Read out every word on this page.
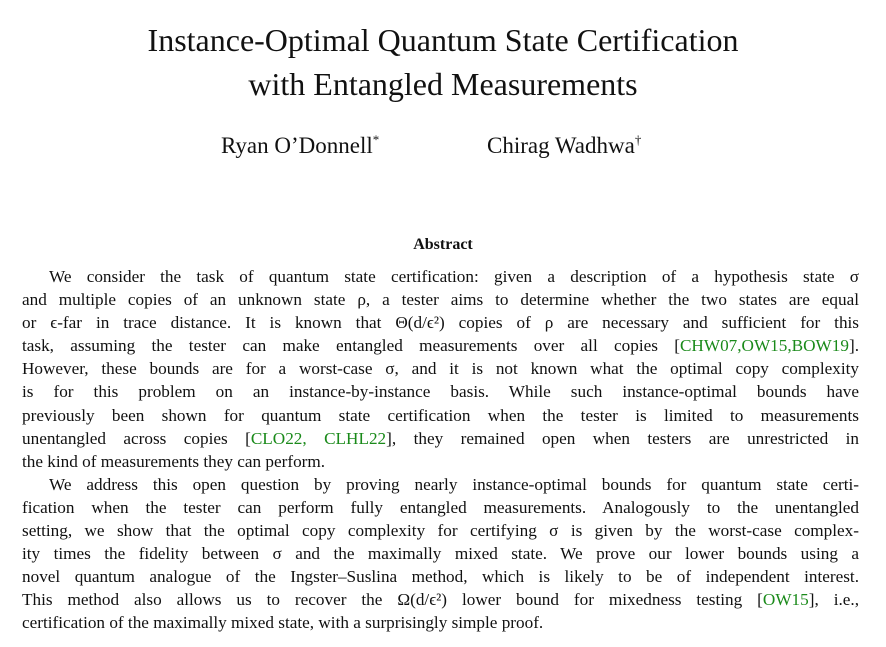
Instance-Optimal Quantum State Certification
with Entangled Measurements
Ryan O’Donnell*	Chirag Wadhwa†
Abstract
We consider the task of quantum state certification: given a description of a hypothesis state σ
and multiple copies of an unknown state ρ, a tester aims to determine whether the two states are equal
or ϵ-far in trace distance. It is known that Θ(d/ϵ²) copies of ρ are necessary and sufficient for this
task, assuming the tester can make entangled measurements over all copies [CHW07,OW15,BOW19].
However, these bounds are for a worst-case σ, and it is not known what the optimal copy complexity
is for this problem on an instance-by-instance basis. While such instance-optimal bounds have
previously been shown for quantum state certification when the tester is limited to measurements
unentangled across copies [CLO22, CLHL22], they remained open when testers are unrestricted in
the kind of measurements they can perform.
We address this open question by proving nearly instance-optimal bounds for quantum state certi-
fication when the tester can perform fully entangled measurements. Analogously to the unentangled
setting, we show that the optimal copy complexity for certifying σ is given by the worst-case complex-
ity times the fidelity between σ and the maximally mixed state. We prove our lower bounds using a
novel quantum analogue of the Ingster–Suslina method, which is likely to be of independent interest.
This method also allows us to recover the Ω(d/ϵ²) lower bound for mixedness testing [OW15], i.e.,
certification of the maximally mixed state, with a surprisingly simple proof.
